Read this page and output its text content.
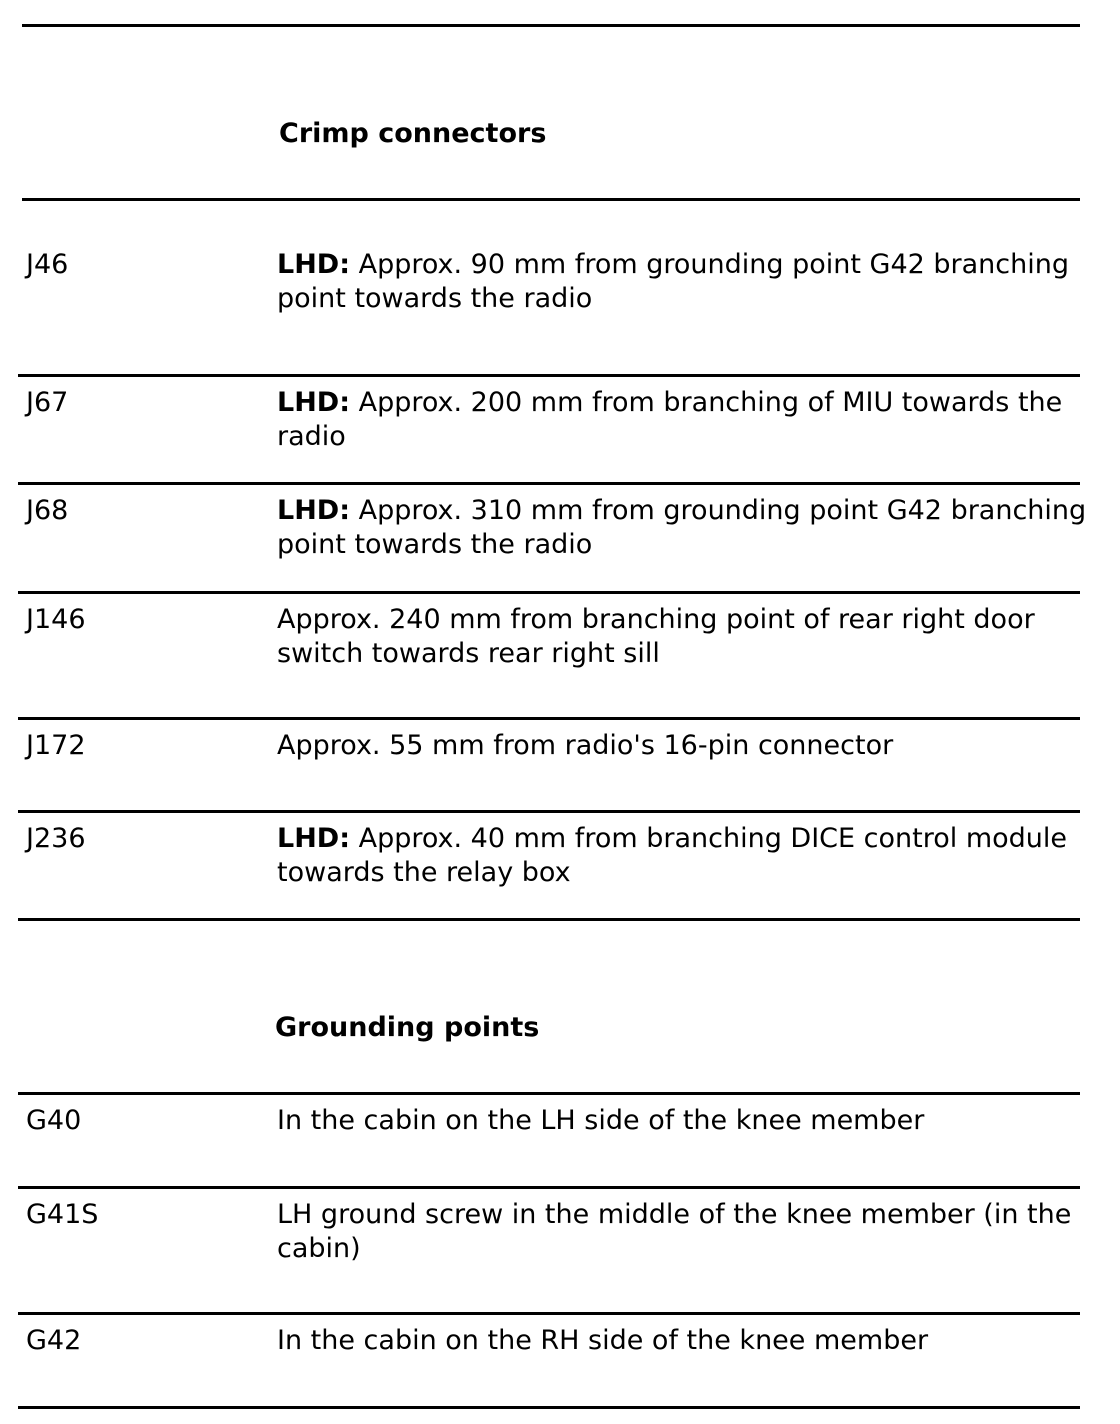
Crimp connectors
J46	LHD: Approx. 90 mm from grounding point G42 branching point towards the radio
J67	LHD: Approx. 200 mm from branching of MIU towards the radio
J68	LHD: Approx. 310 mm from grounding point G42 branching point towards the radio
J146	Approx. 240 mm from branching point of rear right door switch towards rear right sill
J172	Approx. 55 mm from radio's 16-pin connector
J236	LHD: Approx. 40 mm from branching DICE control module towards the relay box
Grounding points
G40	In the cabin on the LH side of the knee member
G41S	LH ground screw in the middle of the knee member (in the cabin)
G42	In the cabin on the RH side of the knee member
